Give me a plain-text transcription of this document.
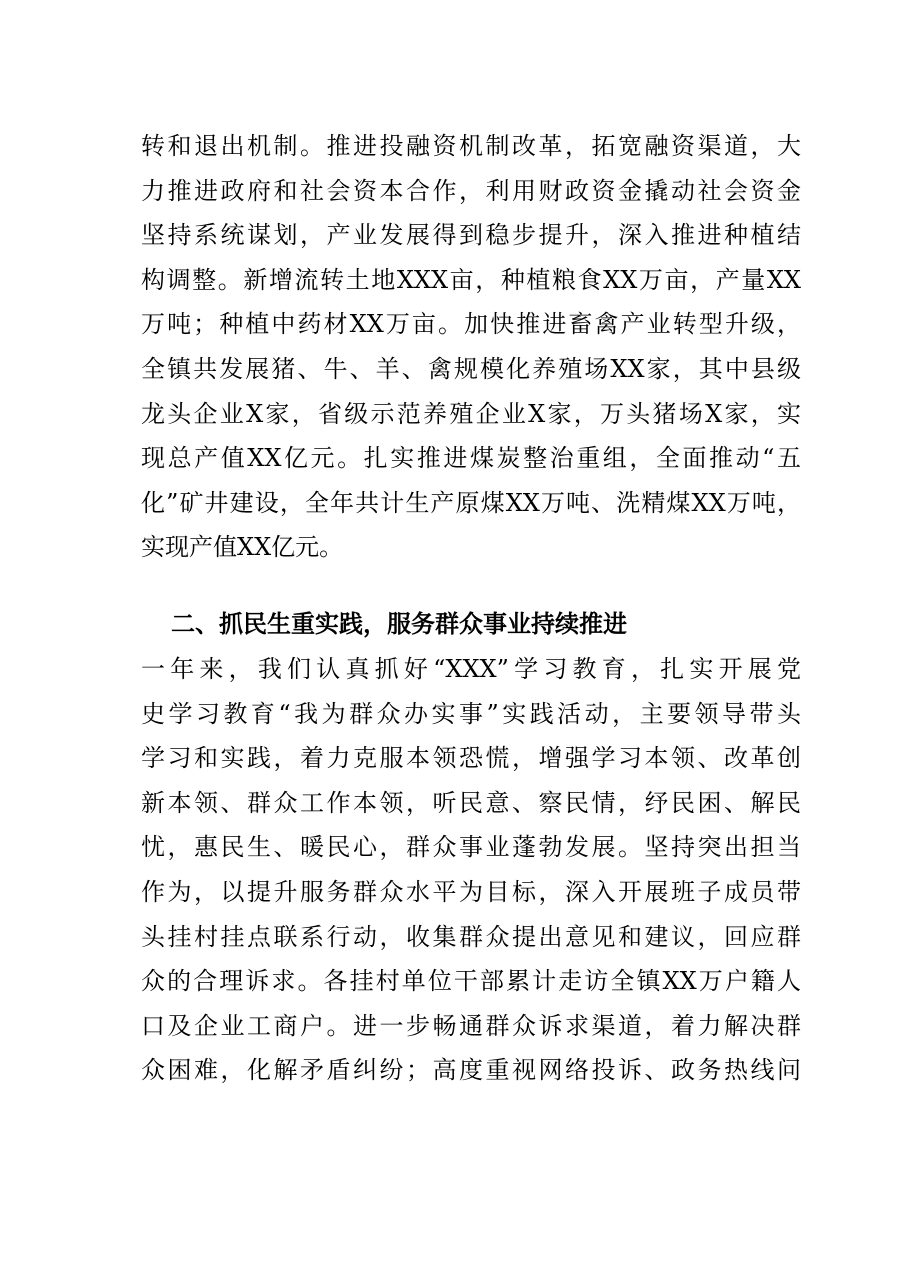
转和退出机制。推进投融资机制改革，拓宽融资渠道，大
力推进政府和社会资本合作，利用财政资金撬动社会资金
坚持系统谋划，产业发展得到稳步提升，深入推进种植结
构调整。新增流转土地XXX亩，种植粮食XX万亩，产量XX
万吨；种植中药材XX万亩。加快推进畜禽产业转型升级，
全镇共发展猪、牛、羊、禽规模化养殖场XX家，其中县级
龙头企业X家，省级示范养殖企业X家，万头猪场X家，实
现总产值XX亿元。扎实推进煤炭整治重组，全面推动“五
化”矿井建设，全年共计生产原煤XX万吨、洗精煤XX万吨，
实现产值XX亿元。
二、抓民生重实践，服务群众事业持续推进
一年来，我们认真抓好“XXX”学习教育，扎实开展党
史学习教育“我为群众办实事”实践活动，主要领导带头
学习和实践，着力克服本领恐慌，增强学习本领、改革创
新本领、群众工作本领，听民意、察民情，纾民困、解民
忧，惠民生、暖民心，群众事业蓬勃发展。坚持突出担当
作为，以提升服务群众水平为目标，深入开展班子成员带
头挂村挂点联系行动，收集群众提出意见和建议，回应群
众的合理诉求。各挂村单位干部累计走访全镇XX万户籍人
口及企业工商户。进一步畅通群众诉求渠道，着力解决群
众困难，化解矛盾纠纷；高度重视网络投诉、政务热线问
